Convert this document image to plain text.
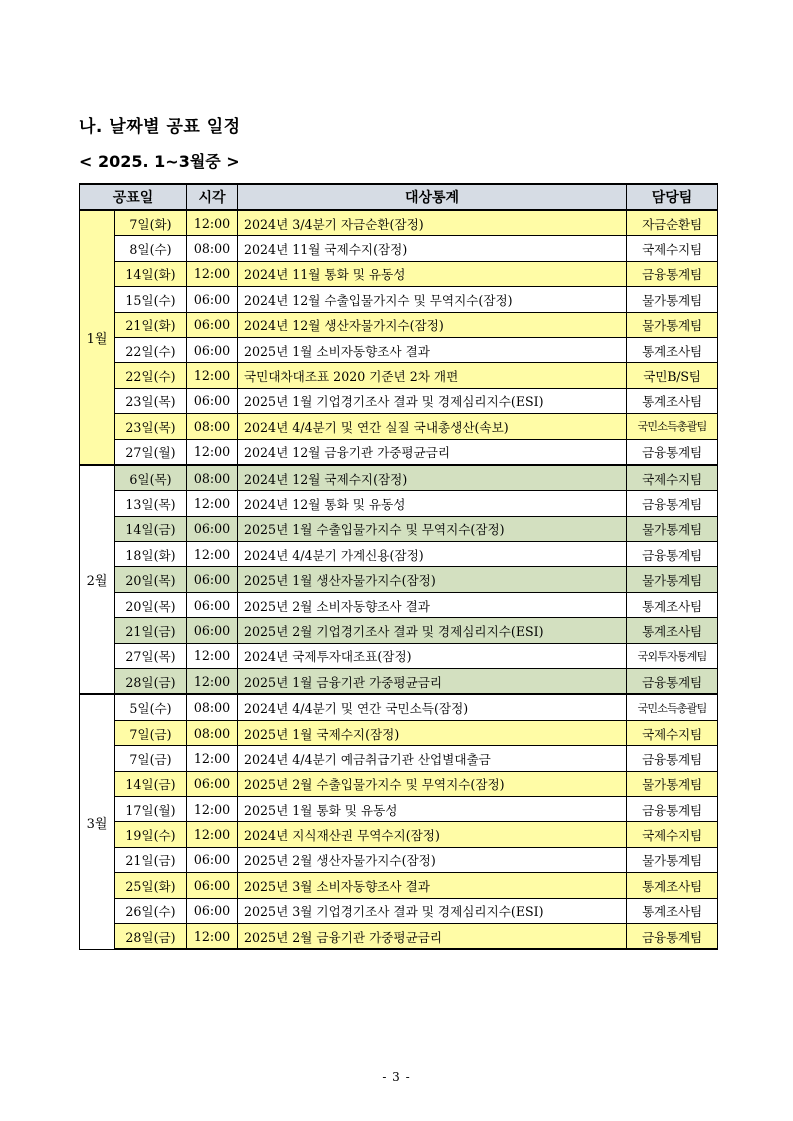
나. 날짜별 공표 일정
< 2025. 1~3월중 >
공표일		시각	대상통계	담당팀
1월	7일(화)	12:00	2024년 3/4분기 자금순환(잠정)	자금순환팀
	8일(수)	08:00	2024년 11월 국제수지(잠정)	국제수지팀
	14일(화)	12:00	2024년 11월 통화 및 유동성	금융통계팀
	15일(수)	06:00	2024년 12월 수출입물가지수 및 무역지수(잠정)	물가통계팀
	21일(화)	06:00	2024년 12월 생산자물가지수(잠정)	물가통계팀
	22일(수)	06:00	2025년 1월 소비자동향조사 결과	통계조사팀
	22일(수)	12:00	국민대차대조표 2020 기준년 2차 개편	국민B/S팀
	23일(목)	06:00	2025년 1월 기업경기조사 결과 및 경제심리지수(ESI)	통계조사팀
	23일(목)	08:00	2024년 4/4분기 및 연간 실질 국내총생산(속보)	국민소득총괄팀
	27일(월)	12:00	2024년 12월 금융기관 가중평균금리	금융통계팀
2월	6일(목)	08:00	2024년 12월 국제수지(잠정)	국제수지팀
	13일(목)	12:00	2024년 12월 통화 및 유동성	금융통계팀
	14일(금)	06:00	2025년 1월 수출입물가지수 및 무역지수(잠정)	물가통계팀
	18일(화)	12:00	2024년 4/4분기 가계신용(잠정)	금융통계팀
	20일(목)	06:00	2025년 1월 생산자물가지수(잠정)	물가통계팀
	20일(목)	06:00	2025년 2월 소비자동향조사 결과	통계조사팀
	21일(금)	06:00	2025년 2월 기업경기조사 결과 및 경제심리지수(ESI)	통계조사팀
	27일(목)	12:00	2024년 국제투자대조표(잠정)	국외투자통계팀
	28일(금)	12:00	2025년 1월 금융기관 가중평균금리	금융통계팀
3월	5일(수)	08:00	2024년 4/4분기 및 연간 국민소득(잠정)	국민소득총괄팀
	7일(금)	08:00	2025년 1월 국제수지(잠정)	국제수지팀
	7일(금)	12:00	2024년 4/4분기 예금취급기관 산업별대출금	금융통계팀
	14일(금)	06:00	2025년 2월 수출입물가지수 및 무역지수(잠정)	물가통계팀
	17일(월)	12:00	2025년 1월 통화 및 유동성	금융통계팀
	19일(수)	12:00	2024년 지식재산권 무역수지(잠정)	국제수지팀
	21일(금)	06:00	2025년 2월 생산자물가지수(잠정)	물가통계팀
	25일(화)	06:00	2025년 3월 소비자동향조사 결과	통계조사팀
	26일(수)	06:00	2025년 3월 기업경기조사 결과 및 경제심리지수(ESI)	통계조사팀
	28일(금)	12:00	2025년 2월 금융기관 가중평균금리	금융통계팀
- 3 -
